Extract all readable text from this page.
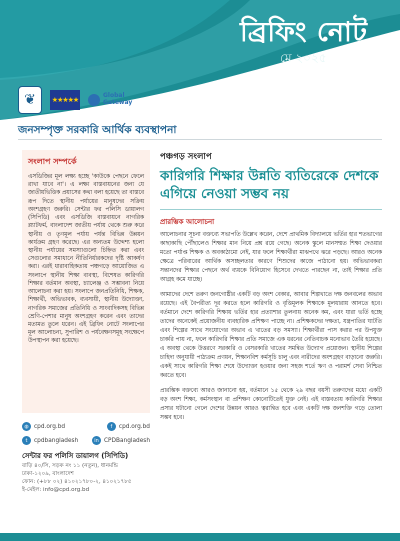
ব্রিফিং নোট
মে ২০২৫
৬
❦	★★★★★
Global
Gateway
জনসম্পৃক্ত সরকারি আর্থিক ব্যবস্থাপনা
সংলাপ সম্পর্কে

এসডিজির মূল লক্ষ্য হচ্ছে 'কাউকে পেছনে ফেলে রাখা যাবে না'। এ লক্ষ্য বাস্তবায়নের জন্য যে জাতীয়ভিত্তিক প্রয়াসের কথা বলা হয়েছে তা বাস্তবে রূপ দিতে স্থানীয় পর্যায়ের মানুষদের সক্রিয় অংশগ্রহণ জরুরি। সেন্টার ফর পলিসি ডায়ালগ (সিপিডি) এবং এসডিজি বাস্তবায়নে নাগরিক প্ল্যাটফর্ম, বাংলাদেশ জাতীয় পর্যায় থেকে শুরু করে স্থানীয় ও তৃণমূল পর্যায় পর্যন্ত বিভিন্ন উন্নয়ন কার্যক্রম গ্রহণ করেছে। এর অন্যতম উদ্দেশ্য হলো স্থানীয় পর্যায়ের সমস্যাগুলো চিহ্নিত করা এবং সেগুলোর সমাধানে নীতিনির্ধারকদের দৃষ্টি আকর্ষণ করা। এরই ধারাবাহিকতায় পঞ্চগড়ে আয়োজিত এ সংলাপে স্থানীয় শিক্ষা ব্যবস্থা, বিশেষত কারিগরি শিক্ষার বর্তমান অবস্থা, চ্যালেঞ্জ ও সম্ভাবনা নিয়ে আলোচনা করা হয়। সংলাপে জনপ্রতিনিধি, শিক্ষক, শিক্ষার্থী, অভিভাবক, ব্যবসায়ী, স্থানীয় উদ্যোক্তা, নাগরিক সমাজের প্রতিনিধি ও সাংবাদিকসহ বিভিন্ন শ্রেণি-পেশার মানুষ অংশগ্রহণ করেন এবং তাদের মতামত তুলে ধরেন। এই ব্রিফিং নোটে সংলাপের মূল আলোচনা, সুপারিশ ও পর্যবেক্ষণসমূহ সংক্ষেপে উপস্থাপন করা হয়েছে।

◍ cpd.org.bd	f	cpd.org.bd
t	cpdbangladesh	in CPDBangladesh
সেন্টার ফর পলিসি ডায়ালগ (সিপিডি)
বাড়ি ৪০/সি, সড়ক নং ১১ (নতুন), ধানমন্ডি
ঢাকা-১২০৯, বাংলাদেশ
ফোন: (+৮৮ ০২) ৪১০২১৭৮০-২, ৪১০২১৭৮৫
ই-মেইল: info@cpd.org.bd
পঞ্চগড় সংলাপ
কারিগরি শিক্ষার উন্নতি ব্যতিরেকে দেশকে এগিয়ে নেওয়া সম্ভব নয়
প্রারম্ভিক আলোচনা

আলোচনার সূচনা বক্তব্যে সভাপতি উল্লেখ করেন, দেশে প্রাথমিক বিদ্যালয়ে ভর্তির হার শতভাগের কাছাকাছি পৌঁছালেও শিক্ষার মান নিয়ে প্রশ্ন রয়ে গেছে। অনেক স্কুলে মানসম্মত শিক্ষা দেওয়ার মতো পর্যাপ্ত শিক্ষক ও অবকাঠামো নেই, যার ফলে শিক্ষার্থীরা মাঝপথে ঝরে পড়ছে। আরও অনেক ক্ষেত্রে পরিবারের আর্থিক অসচ্ছলতার কারণে শিশুদের কাজে পাঠানো হয়। অভিভাবকরা সন্তানদের শিক্ষার পেছনে অর্থ ব্যয়কে বিনিয়োগ হিসেবে দেখতে পারছেন না, তাই শিক্ষার প্রতি আগ্রহ কমে যাচ্ছে।

আমাদের দেশে তরুণ জনগোষ্ঠীর একটি বড় অংশ বেকার, আবার শিল্পখাতে দক্ষ জনবলের অভাব রয়েছে। এই বৈপরীত্য দূর করতে হলে কারিগরি ও বৃত্তিমূলক শিক্ষাকে মূলধারায় আনতে হবে। বর্তমানে দেশে কারিগরি শিক্ষায় ভর্তির হার প্রত্যাশার তুলনায় অনেক কম, এবং যারা ভর্তি হচ্ছে তাদের অনেকেই প্রয়োজনীয় ব্যবহারিক প্রশিক্ষণ পাচ্ছে না। প্রশিক্ষকদের দক্ষতা, যন্ত্রপাতির ঘাটতি এবং শিল্পের সাথে সংযোগের অভাব এ খাতের বড় সমস্যা। শিক্ষার্থীরা পাস করার পর উপযুক্ত চাকরি পায় না, ফলে কারিগরি শিক্ষার প্রতি সমাজে এক ধরনের নেতিবাচক মনোভাব তৈরি হয়েছে। এ অবস্থা থেকে উত্তরণে সরকারি ও বেসরকারি খাতের সমন্বিত উদ্যোগ প্রয়োজন। স্থানীয় শিল্পের চাহিদা অনুযায়ী পাঠ্যক্রম প্রণয়ন, শিক্ষানবিশ কর্মসূচি চালু এবং নারীদের অংশগ্রহণ বাড়ানো জরুরি। একই সাথে কারিগরি শিক্ষা শেষে উদ্যোক্তা হওয়ার জন্য সহজ শর্তে ঋণ ও পরামর্শ সেবা নিশ্চিত করতে হবে।

প্রারম্ভিক বক্তব্যে আরও জানানো হয়, বর্তমানে ১৫ থেকে ২৯ বছর বয়সী তরুণদের মধ্যে একটি বড় অংশ শিক্ষা, কর্মসংস্থান বা প্রশিক্ষণ কোনোটিতেই যুক্ত নেই। এই বাস্তবতায় কারিগরি শিক্ষার প্রসার ঘটানো গেলে দেশের উন্নয়ন আরও ত্বরান্বিত হবে এবং একটি দক্ষ জনশক্তি গড়ে তোলা সম্ভব হবে।
